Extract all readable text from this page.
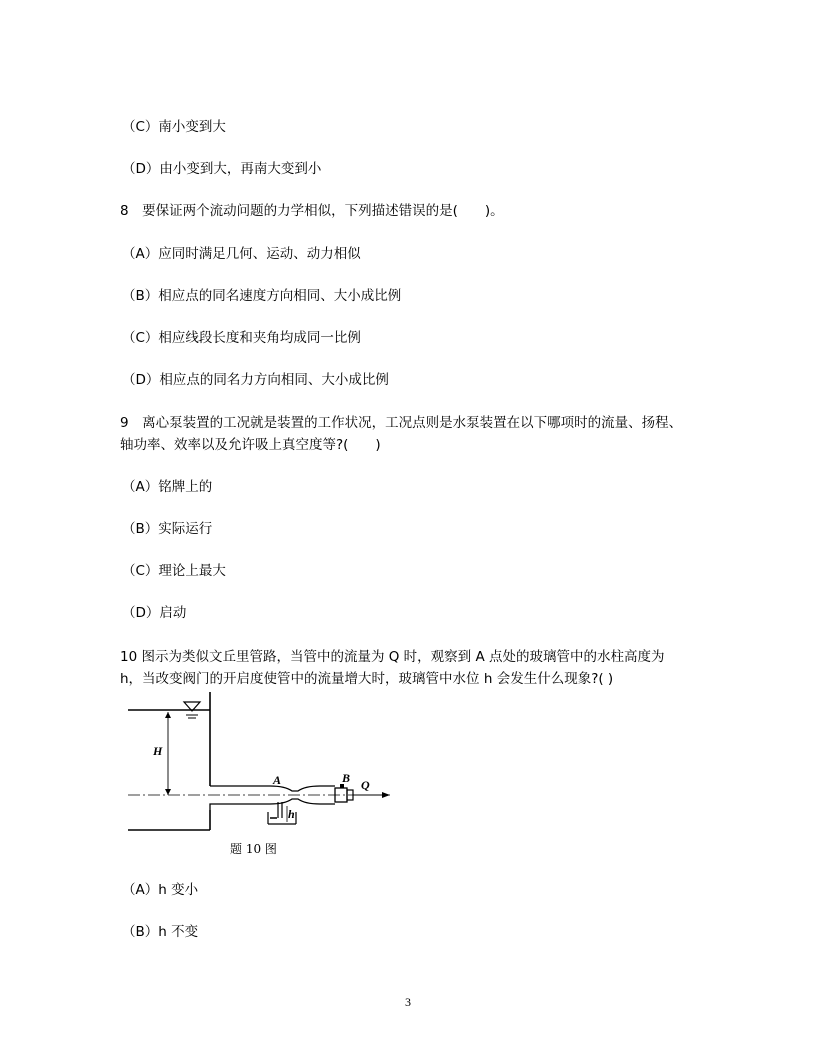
（C）南小变到大
（D）由小变到大，再南大变到小
8　要保证两个流动问题的力学相似，下列描述错误的是(　　)。
（A）应同时满足几何、运动、动力相似
（B）相应点的同名速度方向相同、大小成比例
（C）相应线段长度和夹角均成同一比例
（D）相应点的同名力方向相同、大小成比例
9　离心泵装置的工况就是装置的工作状况，工况点则是水泵装置在以下哪项时的流量、扬程、
轴功率、效率以及允许吸上真空度等?(　　)
（A）铭牌上的
（B）实际运行
（C）理论上最大
（D）启动
10 图示为类似文丘里管路，当管中的流量为 Q 时，观察到 A 点处的玻璃管中的水柱高度为
h，当改变阀门的开启度使管中的流量增大时，玻璃管中水位 h 会发生什么现象?( )
H
Q
B
A
h
题 10 图
（A）h 变小
（B）h 不变
3
